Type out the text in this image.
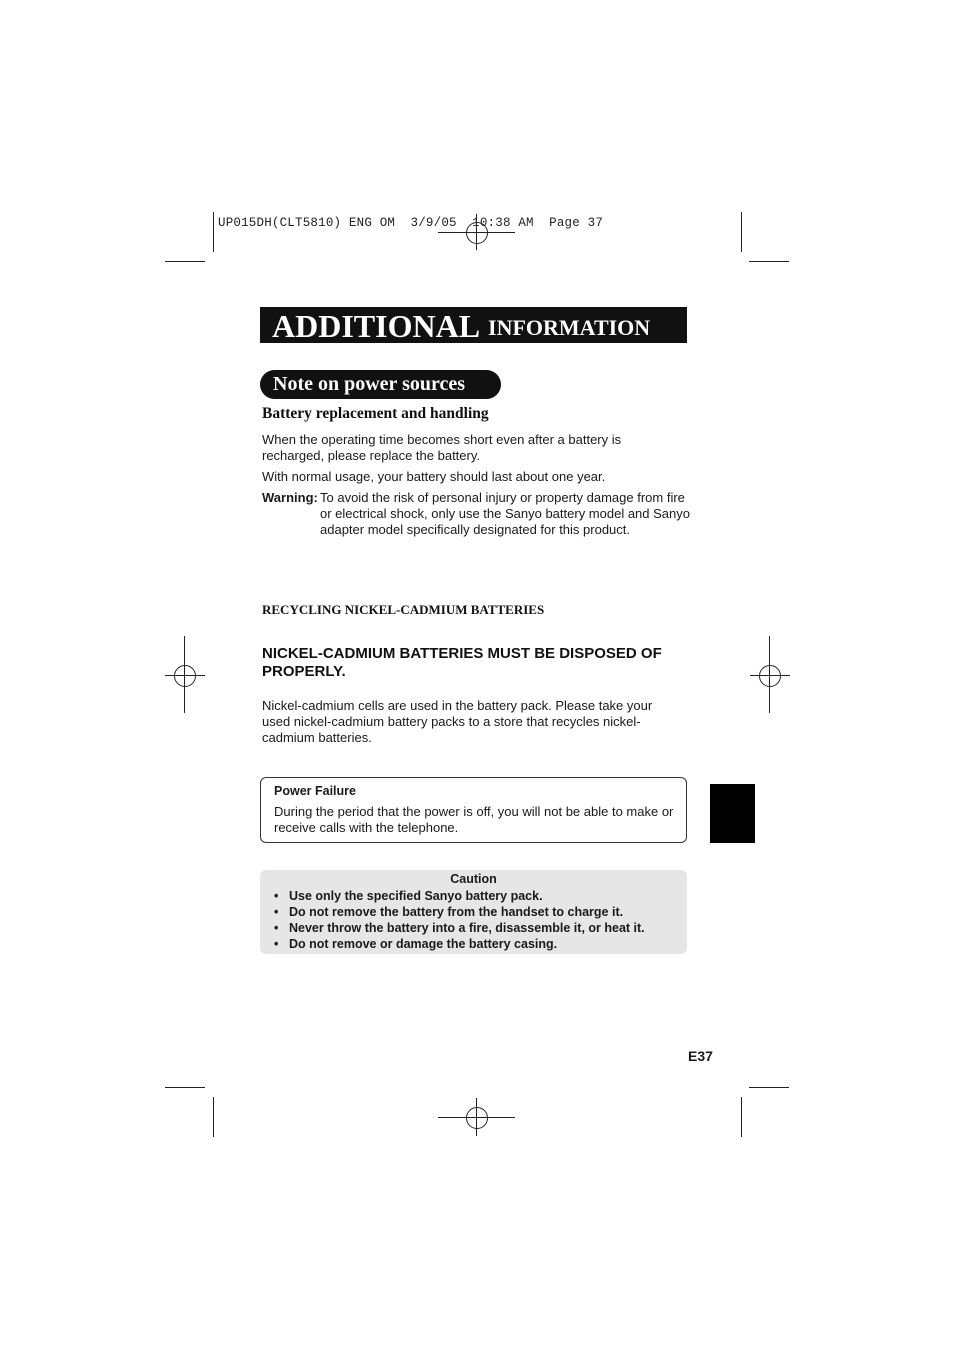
UP015DH(CLT5810) ENG OM  3/9/05  10:38 AM  Page 37
ADDITIONAL INFORMATION
Note on power sources
Battery replacement and handling
When the operating time becomes short even after a battery is recharged, please replace the battery.
With normal usage, your battery should last about one year.
Warning: To avoid the risk of personal injury or property damage from fire or electrical shock, only use the Sanyo battery model and Sanyo adapter model specifically designated for this product.
RECYCLING NICKEL-CADMIUM BATTERIES
NICKEL-CADMIUM BATTERIES MUST BE DISPOSED OF PROPERLY.
Nickel-cadmium cells are used in the battery pack. Please take your used nickel-cadmium battery packs to a store that recycles nickel-cadmium batteries.
Power Failure
During the period that the power is off, you will not be able to make or receive calls with the telephone.
Caution
• Use only the specified Sanyo battery pack.
• Do not remove the battery from the handset to charge it.
• Never throw the battery into a fire, disassemble it, or heat it.
• Do not remove or damage the battery casing.
E37
